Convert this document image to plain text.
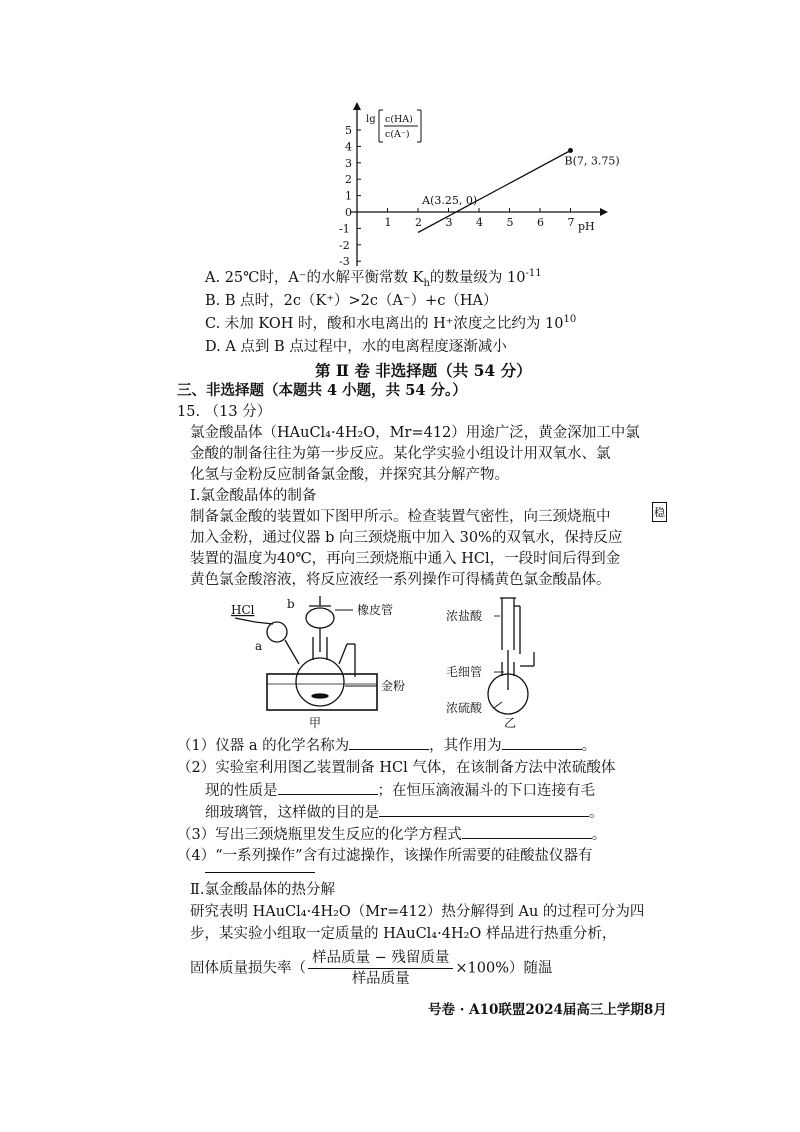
lg c(HA)
c(A⁻)
1 2 3 4 5 6 7
5
4
3
2
1
-1
-2
-3
pH
0
A(3.25, 0)
B(7, 3.75)
A. 25℃时，A⁻的水解平衡常数 $K_h$的数量级为 $10^{-11}$
B. B 点时，2c（K⁺）>2c（A⁻）+c（HA）
C. 未加 KOH 时，酸和水电离出的 H⁺浓度之比约为 $10^{10}$
D. A 点到 B 点过程中，水的电离程度逐渐减小
第 Ⅱ 卷 非选择题（共 54 分）
三、非选择题（本题共 4 小题，共 54 分。）
15. （13 分）
氯金酸晶体（HAuCl₄·4H₂O，Mr=412）用途广泛，黄金深加工中氯
金酸的制备往往为第一步反应。某化学实验小组设计用双氧水、氯
化氢与金粉反应制备氯金酸，并探究其分解产物。
Ⅰ.氯金酸晶体的制备
制备氯金酸的装置如下图甲所示。检查装置气密性，向三颈烧瓶中
加入金粉，通过仪器 b 向三颈烧瓶中加入 30%的双氧水，保持反应
装置的温度为40℃，再向三颈烧瓶中通入 HCl，一段时间后得到金
黄色氯金酸溶液，将反应液经一系列操作可得橘黄色氯金酸晶体。
稳
HCl
a
b	橡皮管
金粉
甲
浓盐酸
毛细管
浓硫酸
乙
（1）仪器 a 的化学名称为	，其作用为	。
（2）实验室利用图乙装置制备 HCl 气体，在该制备方法中浓硫酸体
现的性质是	；在恒压滴液漏斗的下口连接有毛
细玻璃管，这样做的目的是	。
（3）写出三颈烧瓶里发生反应的化学方程式	。
（4）“一系列操作”含有过滤操作，该操作所需要的硅酸盐仪器有
Ⅱ.氯金酸晶体的热分解
研究表明 HAuCl₄·4H₂O（Mr=412）热分解得到 Au 的过程可分为四
步，某实验小组取一定质量的 HAuCl₄·4H₂O 样品进行热重分析，
固体质量损失率（ $\frac{\text{样品质量 − 残留质量}}{\text{样品质量}} \times 100\%$）随温
号卷 · A10联盟2024届高三上学期8月
